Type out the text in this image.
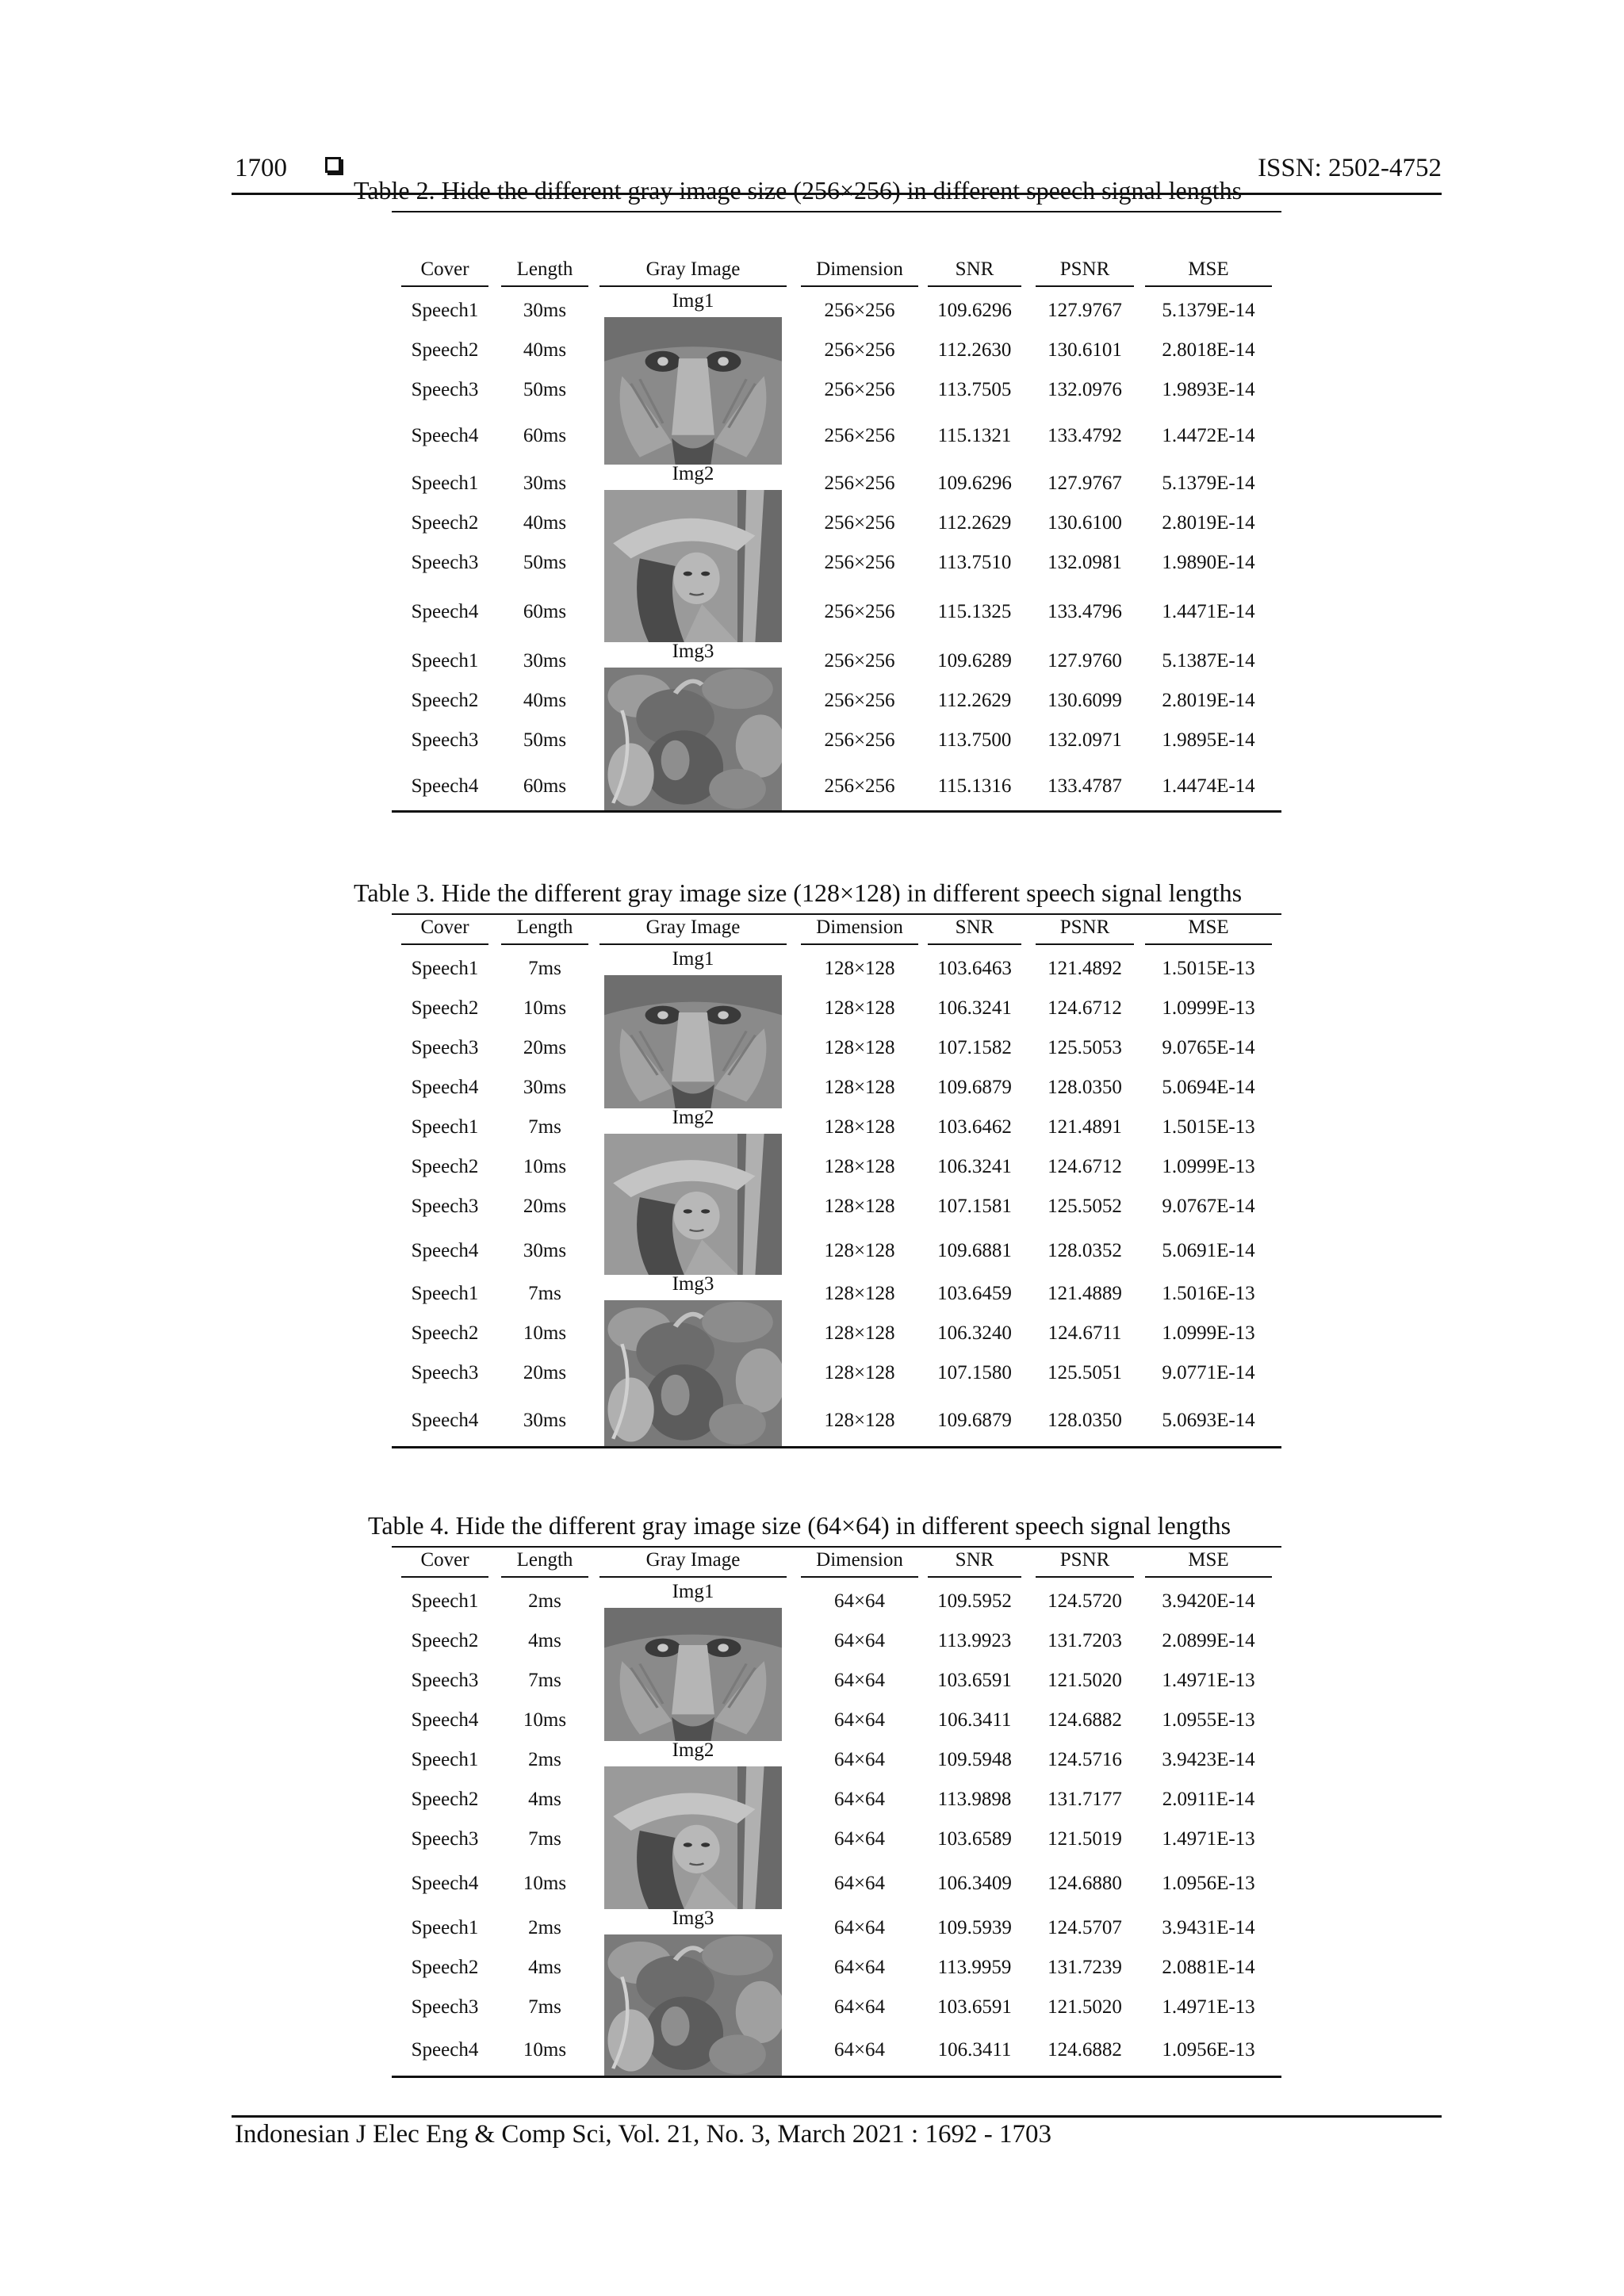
1700	ISSN: 2502-4752
Table 2. Hide the different gray image size (256×256) in different speech signal lengths
Cover	Length	Gray Image	Dimension	SNR	PSNR	MSE
Img1
Speech1	30ms	256×256	109.6296	127.9767	5.1379E-14
Speech2	40ms	256×256	112.2630	130.6101	2.8018E-14
Speech3	50ms	256×256	113.7505	132.0976	1.9893E-14
Speech4	60ms	256×256	115.1321	133.4792	1.4472E-14
Img2
Speech1	30ms	256×256	109.6296	127.9767	5.1379E-14
Speech2	40ms	256×256	112.2629	130.6100	2.8019E-14
Speech3	50ms	256×256	113.7510	132.0981	1.9890E-14
Speech4	60ms	256×256	115.1325	133.4796	1.4471E-14
Img3
Speech1	30ms	256×256	109.6289	127.9760	5.1387E-14
Speech2	40ms	256×256	112.2629	130.6099	2.8019E-14
Speech3	50ms	256×256	113.7500	132.0971	1.9895E-14
Speech4	60ms	256×256	115.1316	133.4787	1.4474E-14
Table 3. Hide the different gray image size (128×128) in different speech signal lengths
Cover	Length	Gray Image	Dimension	SNR	PSNR	MSE
Img1
Speech1	7ms	128×128	103.6463	121.4892	1.5015E-13
Speech2	10ms	128×128	106.3241	124.6712	1.0999E-13
Speech3	20ms	128×128	107.1582	125.5053	9.0765E-14
Speech4	30ms	128×128	109.6879	128.0350	5.0694E-14
Img2
Speech1	7ms	128×128	103.6462	121.4891	1.5015E-13
Speech2	10ms	128×128	106.3241	124.6712	1.0999E-13
Speech3	20ms	128×128	107.1581	125.5052	9.0767E-14
Speech4	30ms	128×128	109.6881	128.0352	5.0691E-14
Img3
Speech1	7ms	128×128	103.6459	121.4889	1.5016E-13
Speech2	10ms	128×128	106.3240	124.6711	1.0999E-13
Speech3	20ms	128×128	107.1580	125.5051	9.0771E-14
Speech4	30ms	128×128	109.6879	128.0350	5.0693E-14
Table 4. Hide the different gray image size (64×64) in different speech signal lengths
Cover	Length	Gray Image	Dimension	SNR	PSNR	MSE
Img1
Speech1	2ms	64×64	109.5952	124.5720	3.9420E-14
Speech2	4ms	64×64	113.9923	131.7203	2.0899E-14
Speech3	7ms	64×64	103.6591	121.5020	1.4971E-13
Speech4	10ms	64×64	106.3411	124.6882	1.0955E-13
Img2
Speech1	2ms	64×64	109.5948	124.5716	3.9423E-14
Speech2	4ms	64×64	113.9898	131.7177	2.0911E-14
Speech3	7ms	64×64	103.6589	121.5019	1.4971E-13
Speech4	10ms	64×64	106.3409	124.6880	1.0956E-13
Img3
Speech1	2ms	64×64	109.5939	124.5707	3.9431E-14
Speech2	4ms	64×64	113.9959	131.7239	2.0881E-14
Speech3	7ms	64×64	103.6591	121.5020	1.4971E-13
Speech4	10ms	64×64	106.3411	124.6882	1.0956E-13
Indonesian J Elec Eng & Comp Sci, Vol. 21, No. 3, March 2021 : 1692 - 1703
